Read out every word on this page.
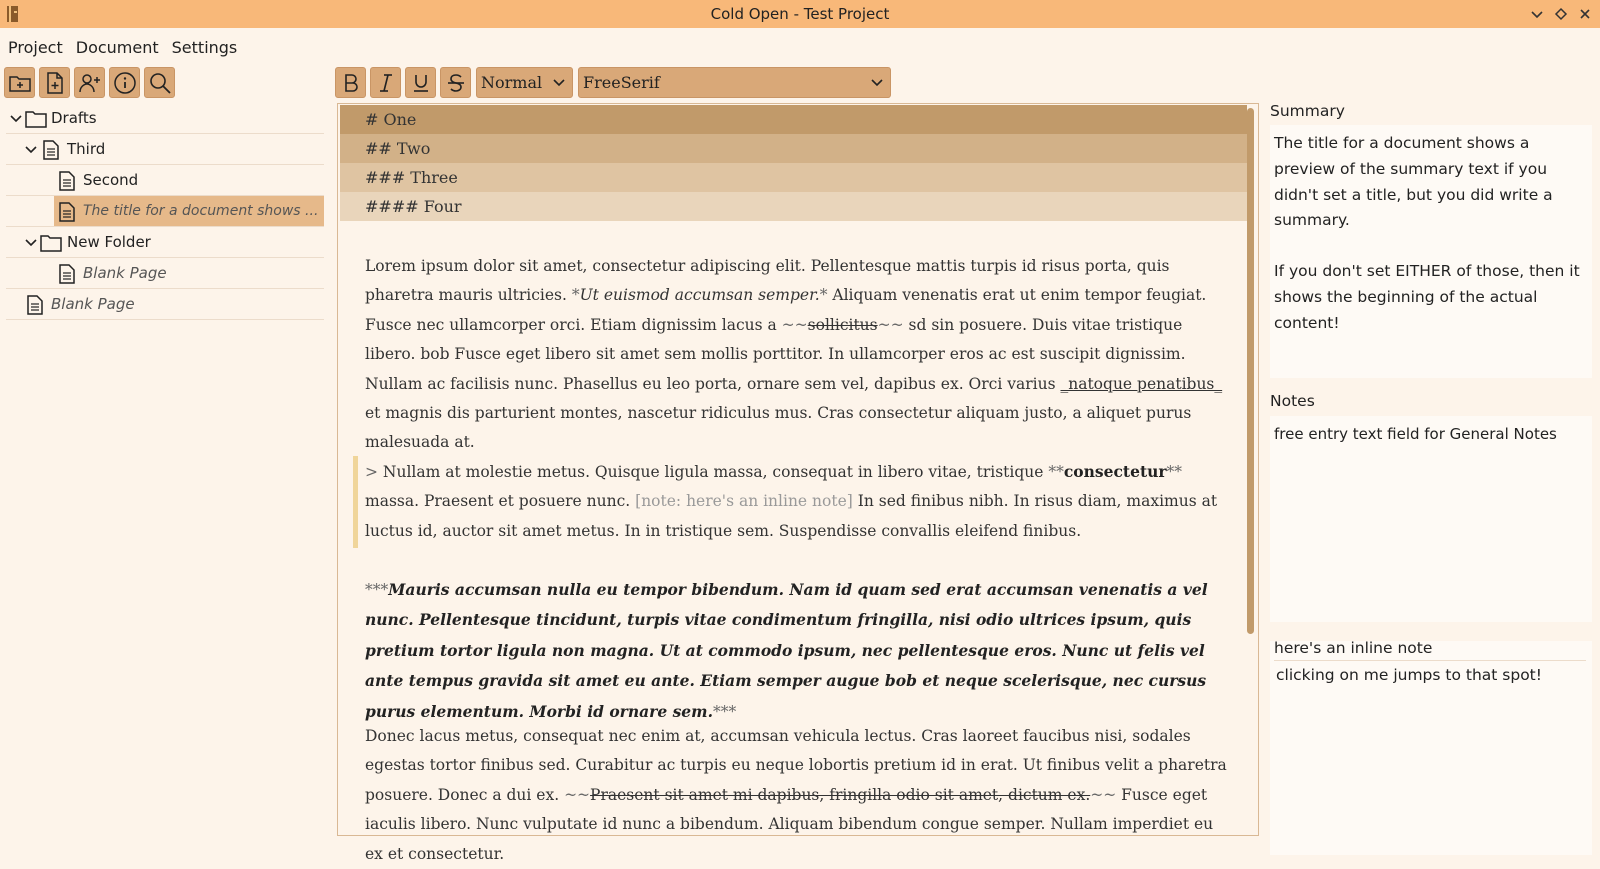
Cold Open - Test Project
Project Document Settings
Normal	FreeSerif
Drafts
Third
Second
The title for a document shows ...
New Folder
Blank Page
Blank Page
# One
## Two
### Three
#### Four

Lorem ipsum dolor sit amet, consectetur adipiscing elit. Pellentesque mattis turpis id risus porta, quis pharetra mauris ultricies. *Ut euismod accumsan semper.* Aliquam venenatis erat ut enim tempor feugiat. Fusce nec ullamcorper orci. Etiam dignissim lacus a ~~sollicitus~~ sd sin posuere. Duis vitae tristique libero. bob Fusce eget libero sit amet sem mollis porttitor. In ullamcorper eros ac est suscipit dignissim. Nullam ac facilisis nunc. Phasellus eu leo porta, ornare sem vel, dapibus ex. Orci varius _natoque penatibus_ et magnis dis parturient montes, nascetur ridiculus mus. Cras consectetur aliquam justo, a aliquet purus malesuada at.

> Nullam at molestie metus. Quisque ligula massa, consequat in libero vitae, tristique **consectetur** massa. Praesent et posuere nunc. [note: here's an inline note] In sed finibus nibh. In risus diam, maximus at luctus id, auctor sit amet metus. In in tristique sem. Suspendisse convallis eleifend finibus.

***Mauris accumsan nulla eu tempor bibendum. Nam id quam sed erat accumsan venenatis a vel nunc. Pellentesque tincidunt, turpis vitae condimentum fringilla, nisi odio ultrices ipsum, quis pretium tortor ligula non magna. Ut at commodo ipsum, nec pellentesque eros. Nunc ut felis vel ante tempus gravida sit amet eu ante. Etiam semper augue bob et neque scelerisque, nec cursus purus elementum. Morbi id ornare sem.***

Donec lacus metus, consequat nec enim at, accumsan vehicula lectus. Cras laoreet faucibus nisi, sodales egestas tortor finibus sed. Curabitur ac turpis eu neque lobortis pretium id in erat. Ut finibus velit a pharetra posuere. Donec a dui ex. ~~Praesent sit amet mi dapibus, fringilla odio sit amet, dictum ex.~~ Fusce eget iaculis libero. Nunc vulputate id nunc a bibendum. Aliquam bibendum congue semper. Nullam imperdiet eu ex et consectetur.

Summary

The title for a document shows a preview of the summary text if you didn't set a title, but you did write a summary.

If you don't set EITHER of those, then it shows the beginning of the actual content!

Notes

free entry text field for General Notes

here's an inline note
clicking on me jumps to that spot!
